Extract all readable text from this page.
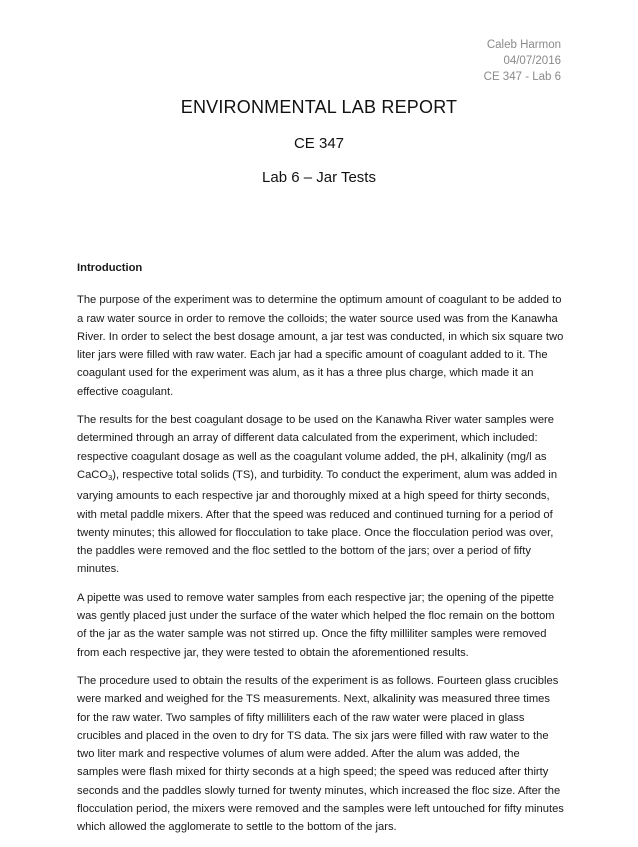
Caleb Harmon
04/07/2016
CE 347 - Lab 6
ENVIRONMENTAL LAB REPORT
CE 347
Lab 6 – Jar Tests
Introduction

The purpose of the experiment was to determine the optimum amount of coagulant to be added to a raw water source in order to remove the colloids; the water source used was from the Kanawha River. In order to select the best dosage amount, a jar test was conducted, in which six square two liter jars were filled with raw water. Each jar had a specific amount of coagulant added to it. The coagulant used for the experiment was alum, as it has a three plus charge, which made it an effective coagulant.

The results for the best coagulant dosage to be used on the Kanawha River water samples were determined through an array of different data calculated from the experiment, which included: respective coagulant dosage as well as the coagulant volume added, the pH, alkalinity (mg/l as CaCO$_3$), respective total solids (TS), and turbidity. To conduct the experiment, alum was added in varying amounts to each respective jar and thoroughly mixed at a high speed for thirty seconds, with metal paddle mixers. After that the speed was reduced and continued turning for a period of twenty minutes; this allowed for flocculation to take place. Once the flocculation period was over, the paddles were removed and the floc settled to the bottom of the jars; over a period of fifty minutes.

A pipette was used to remove water samples from each respective jar; the opening of the pipette was gently placed just under the surface of the water which helped the floc remain on the bottom of the jar as the water sample was not stirred up. Once the fifty milliliter samples were removed from each respective jar, they were tested to obtain the aforementioned results.

The procedure used to obtain the results of the experiment is as follows. Fourteen glass crucibles were marked and weighed for the TS measurements. Next, alkalinity was measured three times for the raw water. Two samples of fifty milliliters each of the raw water were placed in glass crucibles and placed in the oven to dry for TS data. The six jars were filled with raw water to the two liter mark and respective volumes of alum were added. After the alum was added, the samples were flash mixed for thirty seconds at a high speed; the speed was reduced after thirty seconds and the paddles slowly turned for twenty minutes, which increased the floc size. After the flocculation period, the mixers were removed and the samples were left untouched for fifty minutes which allowed the agglomerate to settle to the bottom of the jars.
